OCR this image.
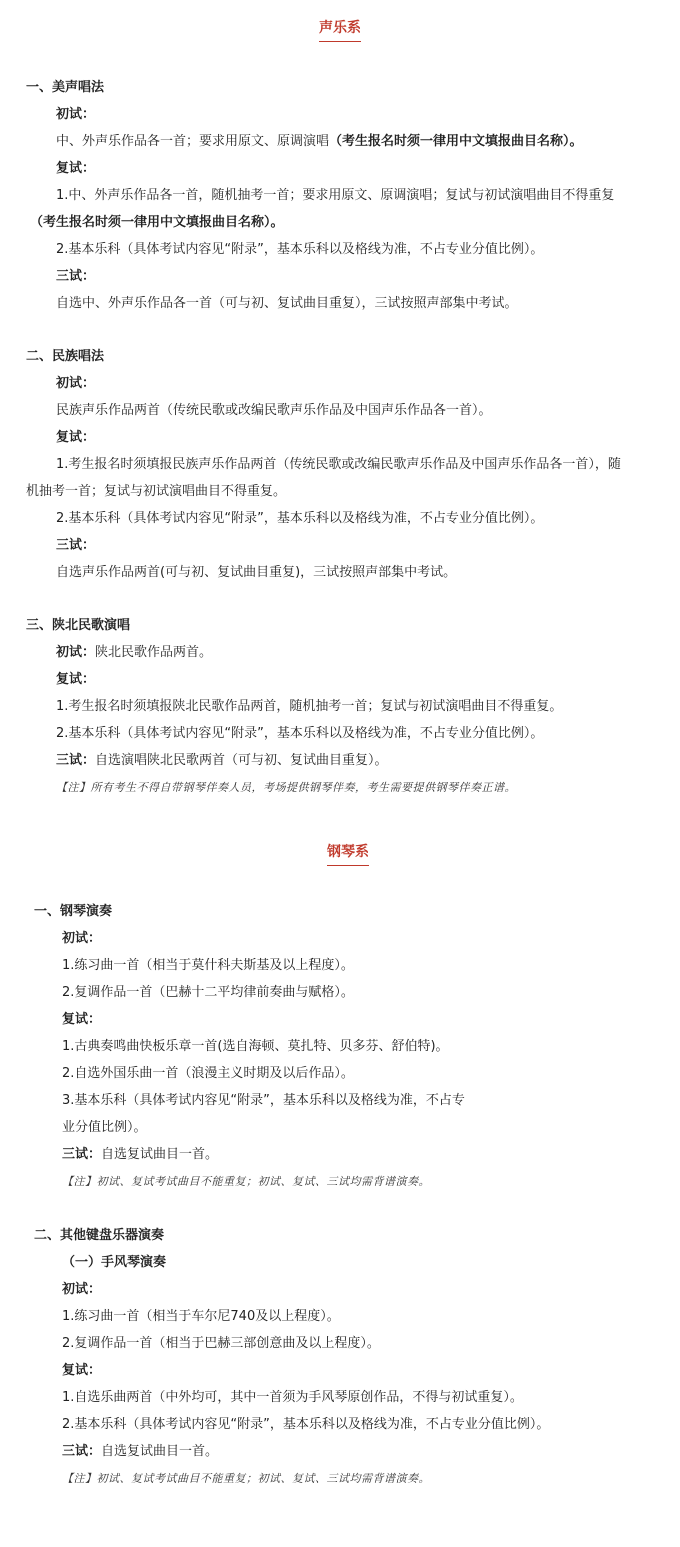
声乐系
一、美声唱法
初试：
中、外声乐作品各一首；要求用原文、原调演唱（考生报名时须一律用中文填报曲目名称）。
复试：
1.中、外声乐作品各一首，随机抽考一首；要求用原文、原调演唱；复试与初试演唱曲目不得重复
（考生报名时须一律用中文填报曲目名称）。
2.基本乐科（具体考试内容见“附录”，基本乐科以及格线为准，不占专业分值比例）。
三试：
自选中、外声乐作品各一首（可与初、复试曲目重复），三试按照声部集中考试。
二、民族唱法
初试：
民族声乐作品两首（传统民歌或改编民歌声乐作品及中国声乐作品各一首）。
复试：
1.考生报名时须填报民族声乐作品两首（传统民歌或改编民歌声乐作品及中国声乐作品各一首），随
机抽考一首；复试与初试演唱曲目不得重复。
2.基本乐科（具体考试内容见“附录”，基本乐科以及格线为准，不占专业分值比例）。
三试：
自选声乐作品两首(可与初、复试曲目重复)，三试按照声部集中考试。
三、陕北民歌演唱
初试：陕北民歌作品两首。
复试：
1.考生报名时须填报陕北民歌作品两首，随机抽考一首；复试与初试演唱曲目不得重复。
2.基本乐科（具体考试内容见“附录”，基本乐科以及格线为准，不占专业分值比例）。
三试：自选演唱陕北民歌两首（可与初、复试曲目重复）。
【注】所有考生不得自带钢琴伴奏人员，考场提供钢琴伴奏，考生需要提供钢琴伴奏正谱。
钢琴系
一、钢琴演奏
初试：
1.练习曲一首（相当于莫什科夫斯基及以上程度）。
2.复调作品一首（巴赫十二平均律前奏曲与赋格）。
复试：
1.古典奏鸣曲快板乐章一首(选自海顿、莫扎特、贝多芬、舒伯特)。
2.自选外国乐曲一首（浪漫主义时期及以后作品）。
3.基本乐科（具体考试内容见“附录”，基本乐科以及格线为准，不占专
业分值比例）。
三试：自选复试曲目一首。
【注】初试、复试考试曲目不能重复；初试、复试、三试均需背谱演奏。
二、其他键盘乐器演奏
（一）手风琴演奏
初试：
1.练习曲一首（相当于车尔尼740及以上程度）。
2.复调作品一首（相当于巴赫三部创意曲及以上程度）。
复试：
1.自选乐曲两首（中外均可，其中一首须为手风琴原创作品，不得与初试重复）。
2.基本乐科（具体考试内容见“附录”，基本乐科以及格线为准，不占专业分值比例）。
三试：自选复试曲目一首。
【注】初试、复试考试曲目不能重复；初试、复试、三试均需背谱演奏。
